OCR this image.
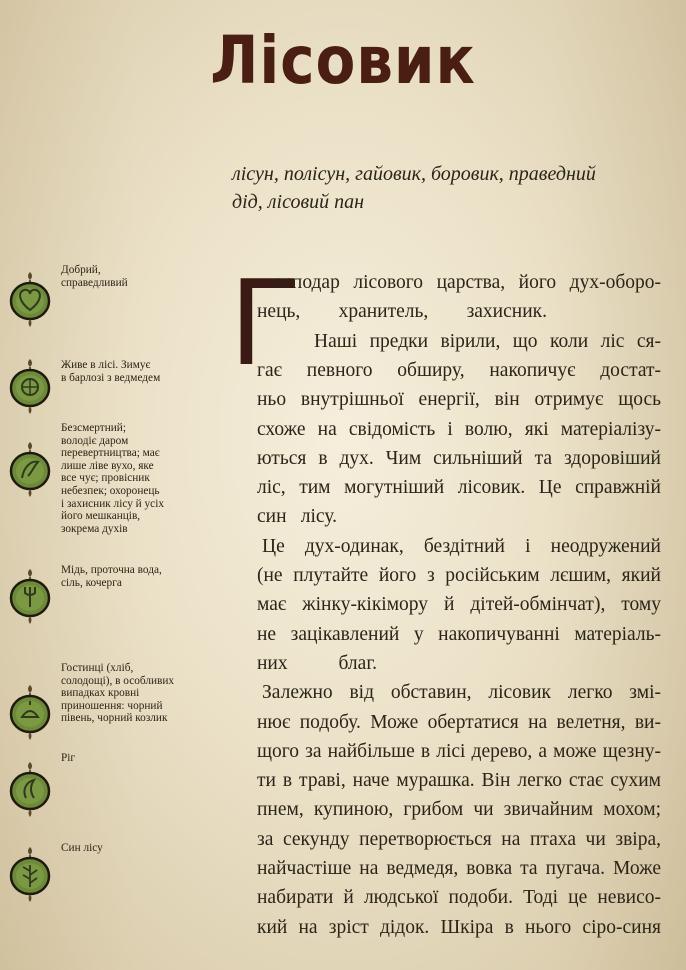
Лісовик
лісун, полісун, гайовик, боровик, праведний
дід, лісовий пан
Добрий,
справедливий
Живе в лісі. Зимує
в барлозі з ведмедем
Безсмертний;
володіє даром
перевертництва; має
лише ліве вухо, яке
все чує; провісник
небезпек; охоронець
і захисник лісу й усіх
його мешканців,
зокрема духів
Мідь, проточна вода,
сіль, кочерга
Гостинці (хліб,
солодощі), в особливих
випадках кровні
приношення: чорний
півень, чорний козлик
Ріг
Син лісу
Г
осподар лісового царства, його дух-оборо-
нець, хранитель, захисник.
Наші предки вірили, що коли ліс ся-
гає певного обширу, накопичує достат-
ньо внутрішньої енергії, він отримує щось
схоже на свідомість і волю, які матеріалізу-
ються в дух. Чим сильніший та здоровіший
ліс, тим могутніший лісовик. Це справжній
син лісу.
Це дух-одинак, бездітний і неодружений
(не плутайте його з російським лєшим, який
має жінку-кікімору й дітей-обмінчат), тому
не зацікавлений у накопичуванні матеріаль-
них благ.
Залежно від обставин, лісовик легко змі-
нює подобу. Може обертатися на велетня, ви-
щого за найбільше в лісі дерево, а може щезну-
ти в траві, наче мурашка. Він легко стає сухим
пнем, купиною, грибом чи звичайним мохом;
за секунду перетворюється на птаха чи звіра,
найчастіше на ведмедя, вовка та пугача. Може
набирати й людської подоби. Тоді це невисо-
кий на зріст дідок. Шкіра в нього сіро-синя
